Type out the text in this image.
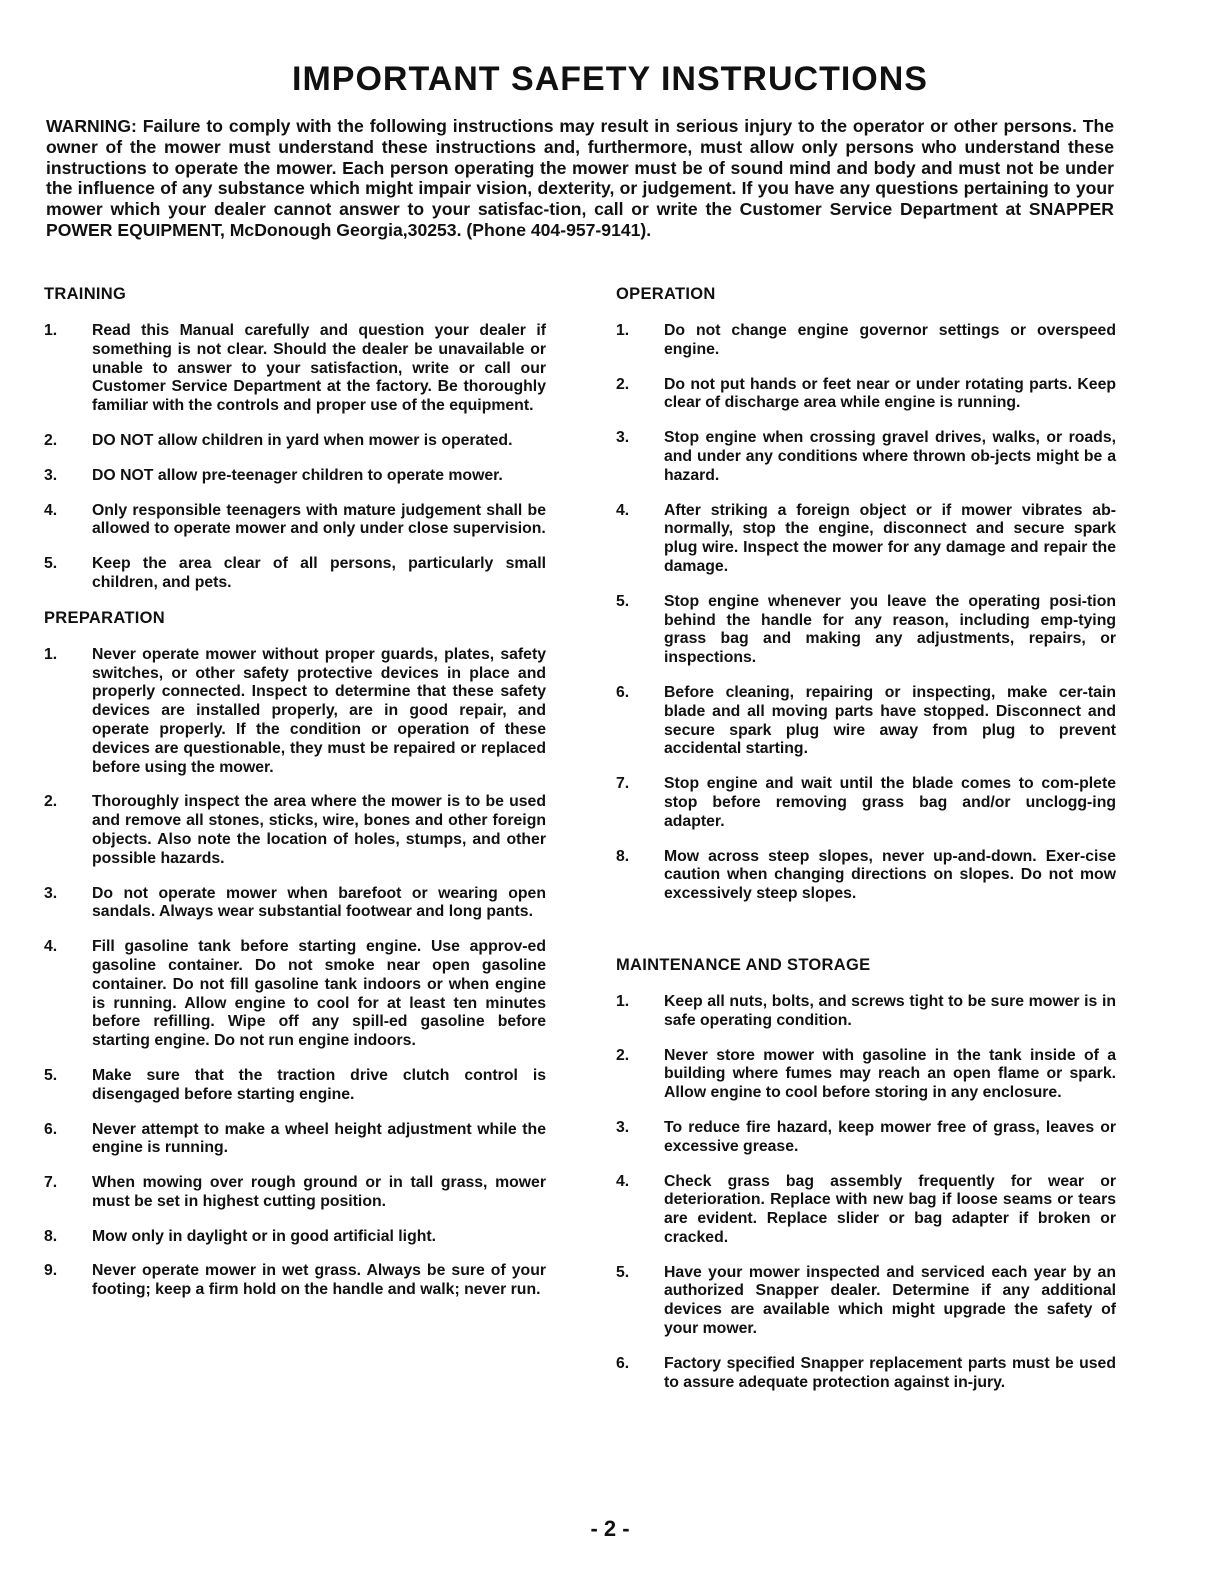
IMPORTANT SAFETY INSTRUCTIONS
WARNING: Failure to comply with the following instructions may result in serious injury to the operator or other persons. The owner of the mower must understand these instructions and, furthermore, must allow only persons who understand these instructions to operate the mower. Each person operating the mower must be of sound mind and body and must not be under the influence of any substance which might impair vision, dexterity, or judgement. If you have any questions pertaining to your mower which your dealer cannot answer to your satisfac-tion, call or write the Customer Service Department at SNAPPER POWER EQUIPMENT, McDonough Georgia,30253. (Phone 404-957-9141).
TRAINING
1.	Read this Manual carefully and question your dealer if something is not clear. Should the dealer be unavailable or unable to answer to your satisfaction, write or call our Customer Service Department at the factory. Be thoroughly familiar with the controls and proper use of the equipment.
2.	DO NOT allow children in yard when mower is operated.
3.	DO NOT allow pre-teenager children to operate mower.
4.	Only responsible teenagers with mature judgement shall be allowed to operate mower and only under close supervision.
5.	Keep the area clear of all persons, particularly small children, and pets.
PREPARATION
1.	Never operate mower without proper guards, plates, safety switches, or other safety protective devices in place and properly connected. Inspect to determine that these safety devices are installed properly, are in good repair, and operate properly. If the condition or operation of these devices are questionable, they must be repaired or replaced before using the mower.
2.	Thoroughly inspect the area where the mower is to be used and remove all stones, sticks, wire, bones and other foreign objects. Also note the location of holes, stumps, and other possible hazards.
3.	Do not operate mower when barefoot or wearing open sandals. Always wear substantial footwear and long pants.
4.	Fill gasoline tank before starting engine. Use approv-ed gasoline container. Do not smoke near open gasoline container. Do not fill gasoline tank indoors or when engine is running. Allow engine to cool for at least ten minutes before refilling. Wipe off any spill-ed gasoline before starting engine. Do not run engine indoors.
5.	Make sure that the traction drive clutch control is disengaged before starting engine.
6.	Never attempt to make a wheel height adjustment while the engine is running.
7.	When mowing over rough ground or in tall grass, mower must be set in highest cutting position.
8.	Mow only in daylight or in good artificial light.
9.	Never operate mower in wet grass. Always be sure of your footing; keep a firm hold on the handle and walk; never run.
OPERATION
1.	Do not change engine governor settings or overspeed engine.
2.	Do not put hands or feet near or under rotating parts. Keep clear of discharge area while engine is running.
3.	Stop engine when crossing gravel drives, walks, or roads, and under any conditions where thrown ob-jects might be a hazard.
4.	After striking a foreign object or if mower vibrates ab-normally, stop the engine, disconnect and secure spark plug wire. Inspect the mower for any damage and repair the damage.
5.	Stop engine whenever you leave the operating posi-tion behind the handle for any reason, including emp-tying grass bag and making any adjustments, repairs, or inspections.
6.	Before cleaning, repairing or inspecting, make cer-tain blade and all moving parts have stopped. Disconnect and secure spark plug wire away from plug to prevent accidental starting.
7.	Stop engine and wait until the blade comes to com-plete stop before removing grass bag and/or unclogg-ing adapter.
8.	Mow across steep slopes, never up-and-down. Exer-cise caution when changing directions on slopes. Do not mow excessively steep slopes.
MAINTENANCE AND STORAGE
1.	Keep all nuts, bolts, and screws tight to be sure mower is in safe operating condition.
2.	Never store mower with gasoline in the tank inside of a building where fumes may reach an open flame or spark. Allow engine to cool before storing in any enclosure.
3.	To reduce fire hazard, keep mower free of grass, leaves or excessive grease.
4.	Check grass bag assembly frequently for wear or deterioration. Replace with new bag if loose seams or tears are evident. Replace slider or bag adapter if broken or cracked.
5.	Have your mower inspected and serviced each year by an authorized Snapper dealer. Determine if any additional devices are available which might upgrade the safety of your mower.
6.	Factory specified Snapper replacement parts must be used to assure adequate protection against in-jury.
- 2 -
